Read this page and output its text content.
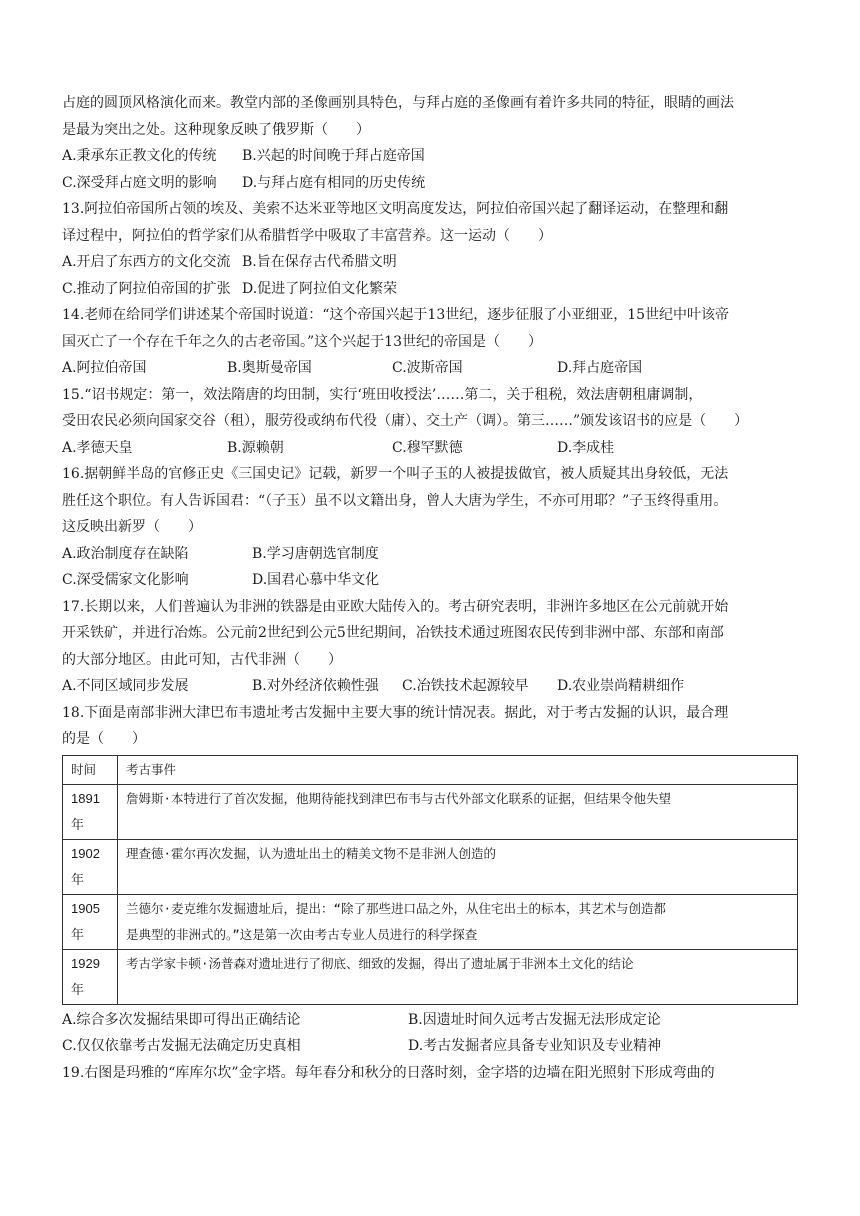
占庭的圆顶风格演化而来。教堂内部的圣像画别具特色，与拜占庭的圣像画有着许多共同的特征，眼睛的画法
是最为突出之处。这种现象反映了俄罗斯（　　）
A.秉承东正教文化的传统	B.兴起的时间晚于拜占庭帝国
C.深受拜占庭文明的影响	D.与拜占庭有相同的历史传统
13.阿拉伯帝国所占领的埃及、美索不达米亚等地区文明高度发达，阿拉伯帝国兴起了翻译运动，在整理和翻
译过程中，阿拉伯的哲学家们从希腊哲学中吸取了丰富营养。这一运动（　　）
A.开启了东西方的文化交流 B.旨在保存古代希腊文明
C.推动了阿拉伯帝国的扩张 D.促进了阿拉伯文化繁荣
14.老师在给同学们讲述某个帝国时说道：“这个帝国兴起于13世纪，逐步征服了小亚细亚，15世纪中叶该帝
国灭亡了一个存在千年之久的古老帝国。”这个兴起于13世纪的帝国是（　　）
A.阿拉伯帝国	B.奥斯曼帝国	C.波斯帝国	D.拜占庭帝国
15.“诏书规定：第一，效法隋唐的均田制，实行‘班田收授法’……第二，关于租税，效法唐朝租庸调制，
受田农民必须向国家交谷（租），服劳役或纳布代役（庸）、交土产（调）。第三……”颁发该诏书的应是（　　）
A.孝德天皇	B.源赖朝	C.穆罕默德	D.李成桂
16.据朝鲜半岛的官修正史《三国史记》记载，新罗一个叫子玉的人被提拔做官，被人质疑其出身较低，无法
胜任这个职位。有人告诉国君：“（子玉）虽不以文籍出身，曾人大唐为学生，不亦可用耶？”子玉终得重用。
这反映出新罗（　　）
A.政治制度存在缺陷	B.学习唐朝选官制度
C.深受儒家文化影响	D.国君心慕中华文化
17.长期以来，人们普遍认为非洲的铁器是由亚欧大陆传入的。考古研究表明，非洲许多地区在公元前就开始
开采铁矿，并进行冶炼。公元前2世纪到公元5世纪期间，冶铁技术通过班图农民传到非洲中部、东部和南部
的大部分地区。由此可知，古代非洲（　　）
A.不同区域同步发展	B.对外经济依赖性强	C.冶铁技术起源较早	D.农业崇尚精耕细作
18.下面是南部非洲大津巴布韦遗址考古发掘中主要大事的统计情况表。据此，对于考古发掘的认识，最合理
的是（　　）
时间	考古事件
1891
年	詹姆斯·本特进行了首次发掘，他期待能找到津巴布韦与古代外部文化联系的证据，但结果令他失望
1902
年	理查德·霍尔再次发掘，认为遗址出土的精美文物不是非洲人创造的
1905
年	兰德尔·麦克维尔发掘遗址后，提出：“除了那些进口品之外，从住宅出土的标本，其艺术与创造都
是典型的非洲式的。”这是第一次由考古专业人员进行的科学探查
1929
年	考古学家卡顿·汤普森对遗址进行了彻底、细致的发掘，得出了遗址属于非洲本土文化的结论
A.综合多次发掘结果即可得出正确结论	B.因遗址时间久远考古发掘无法形成定论
C.仅仅依靠考古发掘无法确定历史真相	D.考古发掘者应具备专业知识及专业精神
19.右图是玛雅的“库库尔坎”金字塔。每年春分和秋分的日落时刻，金字塔的边墙在阳光照射下形成弯曲的
